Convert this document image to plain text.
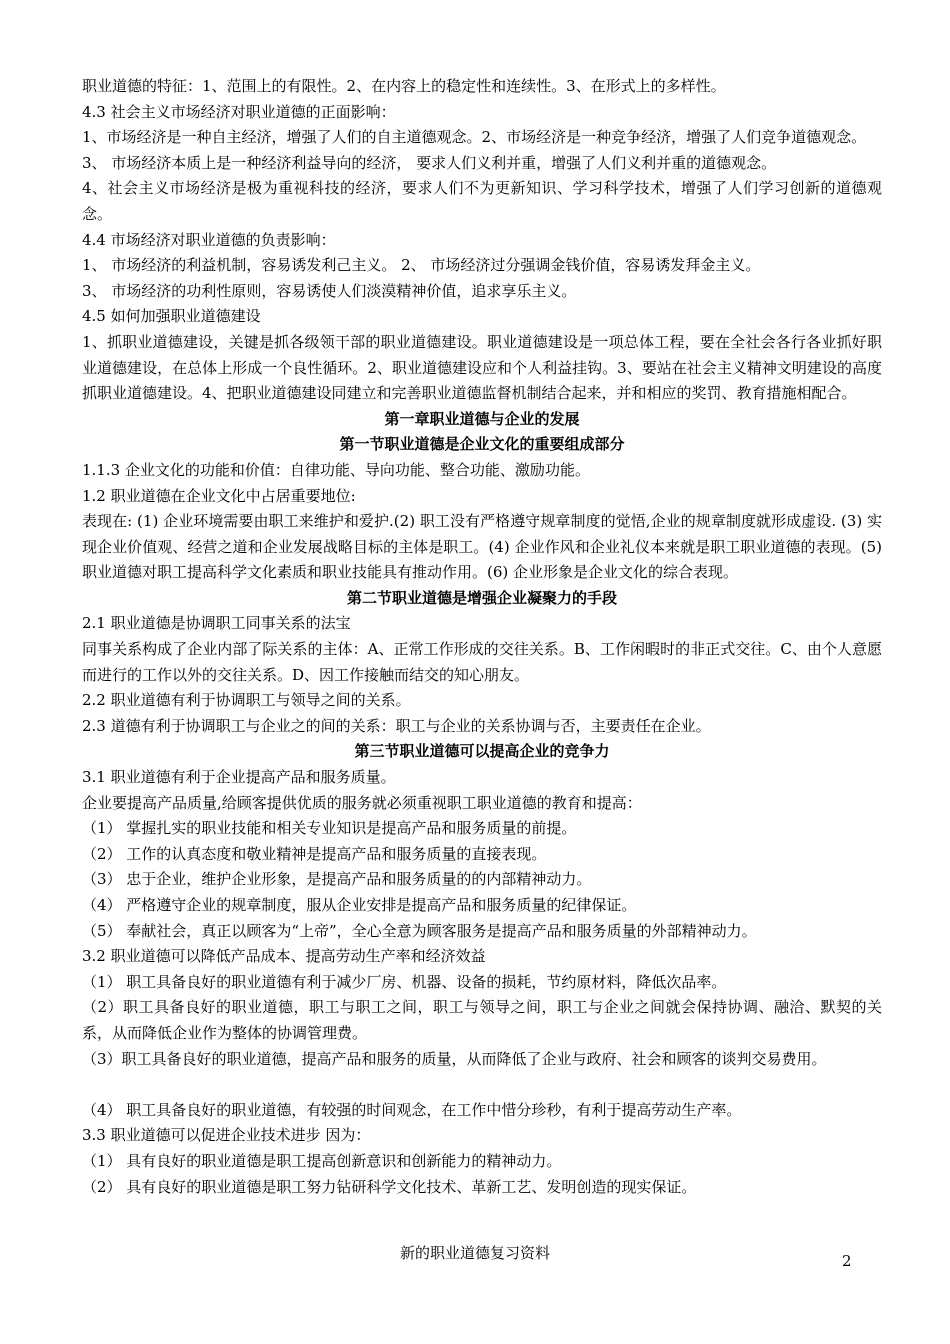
职业道德的特征：1、范围上的有限性。2、在内容上的稳定性和连续性。3、在形式上的多样性。
4.3 社会主义市场经济对职业道德的正面影响：
1、市场经济是一种自主经济，增强了人们的自主道德观念。2、市场经济是一种竞争经济，增强了人们竞争道德观念。
3、 市场经济本质上是一种经济利益导向的经济， 要求人们义利并重，增强了人们义利并重的道德观念。
4、社会主义市场经济是极为重视科技的经济，要求人们不为更新知识、学习科学技术，增强了人们学习创新的道德观念。
4.4 市场经济对职业道德的负责影响：
1、 市场经济的利益机制，容易诱发利己主义。 2、 市场经济过分强调金钱价值，容易诱发拜金主义。
3、 市场经济的功利性原则，容易诱使人们淡漠精神价值，追求享乐主义。
4.5 如何加强职业道德建设
1、抓职业道德建设，关键是抓各级领干部的职业道德建设。职业道德建设是一项总体工程，要在全社会各行各业抓好职业道德建设，在总体上形成一个良性循环。2、职业道德建设应和个人利益挂钩。3、要站在社会主义精神文明建设的高度抓职业道德建设。4、把职业道德建设同建立和完善职业道德监督机制结合起来，并和相应的奖罚、教育措施相配合。
第一章职业道德与企业的发展
第一节职业道德是企业文化的重要组成部分
1.1.3 企业文化的功能和价值：自律功能、导向功能、整合功能、激励功能。
1.2 职业道德在企业文化中占居重要地位:
表现在: (1) 企业环境需要由职工来维护和爱护.(2) 职工没有严格遵守规章制度的觉悟,企业的规章制度就形成虚设. (3) 实现企业价值观、经营之道和企业发展战略目标的主体是职工。(4) 企业作风和企业礼仪本来就是职工职业道德的表现。(5) 职业道德对职工提高科学文化素质和职业技能具有推动作用。(6) 企业形象是企业文化的综合表现。
第二节职业道德是增强企业凝聚力的手段
2.1 职业道德是协调职工同事关系的法宝
同事关系构成了企业内部了际关系的主体：A、正常工作形成的交往关系。B、工作闲暇时的非正式交往。C、由个人意愿而进行的工作以外的交往关系。D、因工作接触而结交的知心朋友。
2.2 职业道德有利于协调职工与领导之间的关系。
2.3 道德有利于协调职工与企业之的间的关系：职工与企业的关系协调与否，主要责任在企业。
第三节职业道德可以提高企业的竞争力
3.1 职业道德有利于企业提高产品和服务质量。
企业要提高产品质量,给顾客提供优质的服务就必须重视职工职业道德的教育和提高：
（1） 掌握扎实的职业技能和相关专业知识是提高产品和服务质量的前提。
（2） 工作的认真态度和敬业精神是提高产品和服务质量的直接表现。
（3） 忠于企业，维护企业形象，是提高产品和服务质量的的内部精神动力。
（4） 严格遵守企业的规章制度，服从企业安排是提高产品和服务质量的纪律保证。
（5） 奉献社会，真正以顾客为“上帝”，全心全意为顾客服务是提高产品和服务质量的外部精神动力。
3.2 职业道德可以降低产品成本、提高劳动生产率和经济效益
（1） 职工具备良好的职业道德有利于减少厂房、机器、设备的损耗，节约原材料，降低次品率。
（2）职工具备良好的职业道德，职工与职工之间，职工与领导之间，职工与企业之间就会保持协调、融洽、默契的关系，从而降低企业作为整体的协调管理费。
（3）职工具备良好的职业道德，提高产品和服务的质量，从而降低了企业与政府、社会和顾客的谈判交易费用。
（4） 职工具备良好的职业道德，有较强的时间观念，在工作中惜分珍秒，有利于提高劳动生产率。
3.3 职业道德可以促进企业技术进步 因为：
（1） 具有良好的职业道德是职工提高创新意识和创新能力的精神动力。
（2） 具有良好的职业道德是职工努力钻研科学文化技术、革新工艺、发明创造的现实保证。
新的职业道德复习资料	2
